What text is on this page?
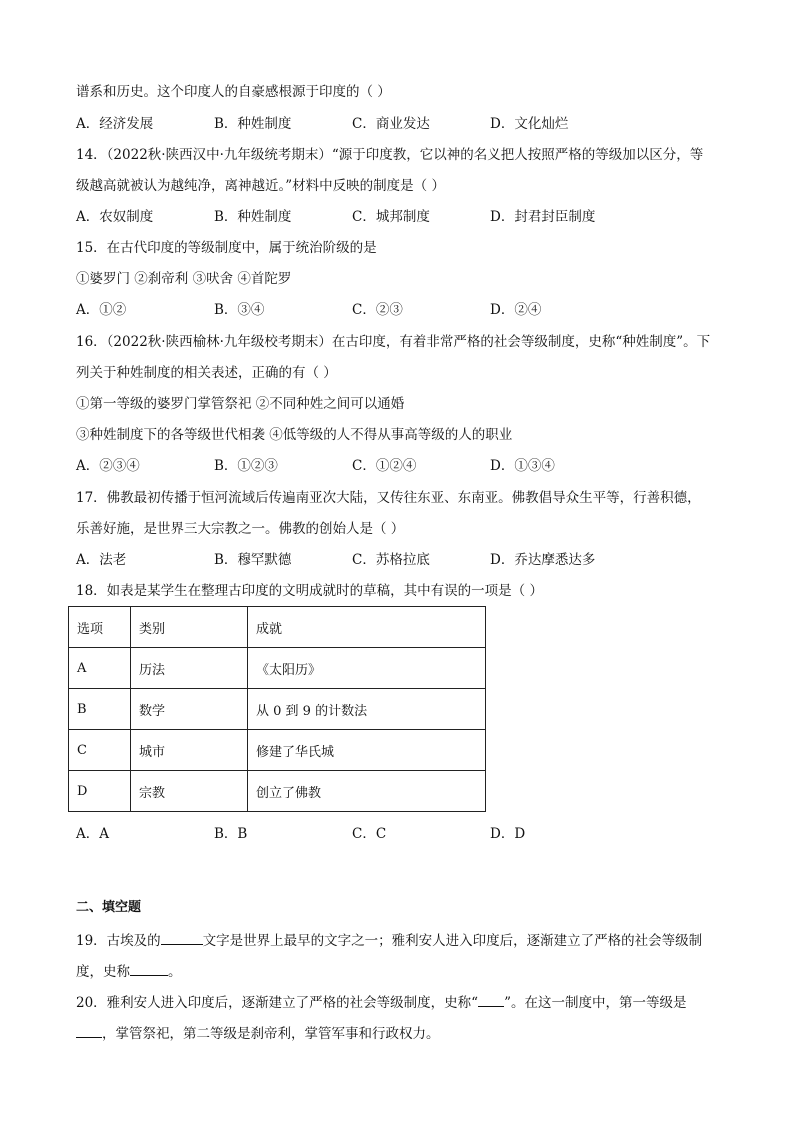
谱系和历史。这个印度人的自豪感根源于印度的（ ）
A．经济发展	B．种姓制度	C．商业发达	D．文化灿烂
14．（2022秋·陕西汉中·九年级统考期末）“源于印度教，它以神的名义把人按照严格的等级加以区分，等
级越高就被认为越纯净，离神越近。”材料中反映的制度是（ ）
A．农奴制度	B．种姓制度	C．城邦制度	D．封君封臣制度
15．在古代印度的等级制度中，属于统治阶级的是
①婆罗门 ②刹帝利 ③吠舍 ④首陀罗
A．①②	B．③④	C．②③	D．②④
16．（2022秋·陕西榆林·九年级校考期末）在古印度，有着非常严格的社会等级制度，史称“种姓制度”。下
列关于种姓制度的相关表述，正确的有（ ）
①第一等级的婆罗门掌管祭祀 ②不同种姓之间可以通婚
③种姓制度下的各等级世代相袭 ④低等级的人不得从事高等级的人的职业
A．②③④	B．①②③	C．①②④	D．①③④
17．佛教最初传播于恒河流域后传遍南亚次大陆，又传往东亚、东南亚。佛教倡导众生平等，行善积德，
乐善好施，是世界三大宗教之一。佛教的创始人是（ ）
A．法老	B．穆罕默德	C．苏格拉底	D．乔达摩悉达多
18．如表是某学生在整理古印度的文明成就时的草稿，其中有误的一项是（ ）
选项	类别	成就
A	历法	《太阳历》
B	数学	从 0 到 9 的计数法
C	城市	修建了华氏城
D	宗教	创立了佛教
A．A	B．B	C．C	D．D
二、填空题
19．古埃及的	文字是世界上最早的文字之一；雅利安人进入印度后，逐渐建立了严格的社会等级制
度，史称	。
20．雅利安人进入印度后，逐渐建立了严格的社会等级制度，史称“ ”。在这一制度中，第一等级是
，掌管祭祀，第二等级是刹帝利，掌管军事和行政权力。
